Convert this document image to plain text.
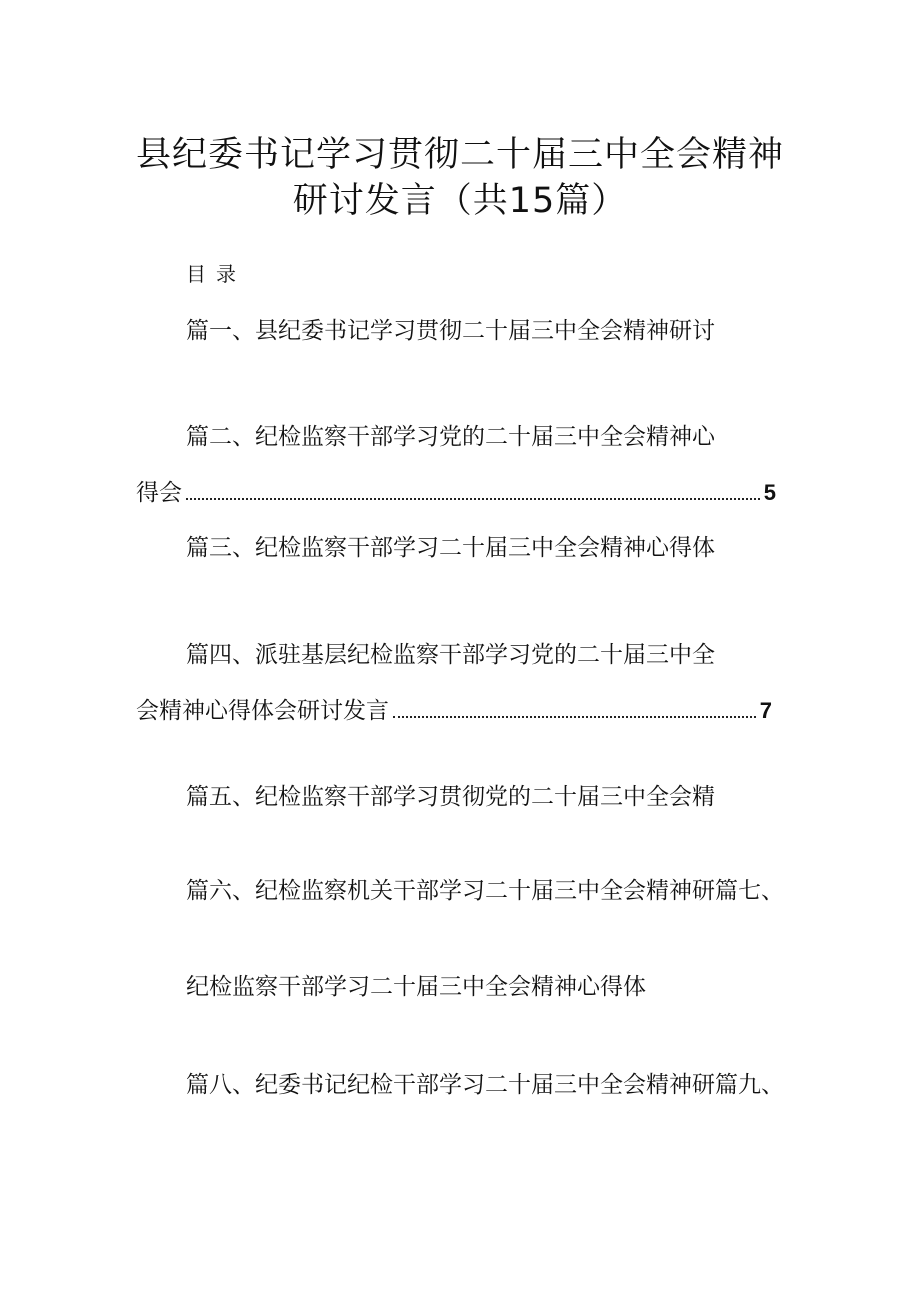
县纪委书记学习贯彻二十届三中全会精神
研讨发言（共15篇）
目录
篇一、县纪委书记学习贯彻二十届三中全会精神研讨
篇二、纪检监察干部学习党的二十届三中全会精神心
得会	5
篇三、纪检监察干部学习二十届三中全会精神心得体
篇四、派驻基层纪检监察干部学习党的二十届三中全
会精神心得体会研讨发言	7
篇五、纪检监察干部学习贯彻党的二十届三中全会精
篇六、纪检监察机关干部学习二十届三中全会精神研篇七、
纪检监察干部学习二十届三中全会精神心得体
篇八、纪委书记纪检干部学习二十届三中全会精神研篇九、
